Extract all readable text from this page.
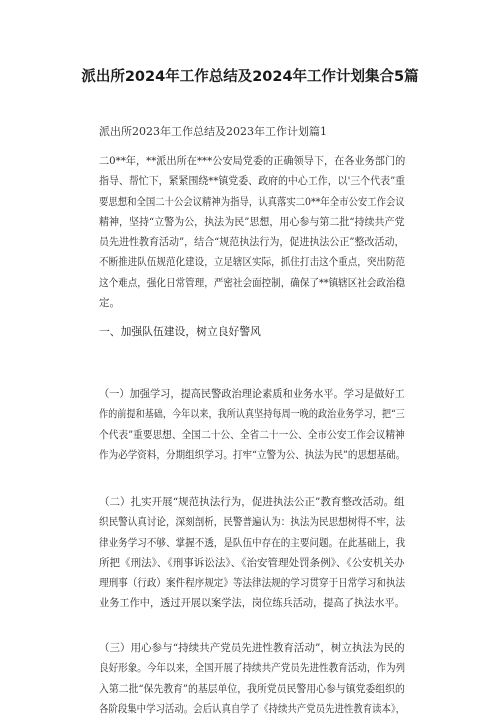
派出所2024年工作总结及2024年工作计划集合5篇
派出所2023年工作总结及2023年工作计划篇1
二0**年，**派出所在***公安局党委的正确领导下，在各业务部门的
指导、帮忙下，紧紧围绕**镇党委、政府的中心工作，以'三个代表”重
要思想和全国二十公会议精神为指导，认真落实二0**年全市公安工作会议
精神，坚持“立警为公，执法为民”思想，用心参与第二批“持续共产党
员先进性教育活动”，结合“规范执法行为，促进执法公正”整改活动，
不断推进队伍规范化建设，立足辖区实际，抓住打击这个重点，突出防范
这个难点，强化日常管理，严密社会面控制，确保了**镇辖区社会政治稳
定。
一、加强队伍建设，树立良好警风
（一）加强学习，提高民警政治理论素质和业务水平。学习是做好工
作的前提和基础，今年以来，我所认真坚持每周一晚的政治业务学习，把“三
个代表”重要思想、全国二十公、全省二十一公、全市公安工作会议精神
作为必学资料，分期组织学习。打牢“立警为公、执法为民”的思想基础。
（二）扎实开展“规范执法行为，促进执法公正”教育整改活动。组
织民警认真讨论，深刻剖析，民警普遍认为：执法为民思想树得不牢，法
律业务学习不够、掌握不透，是队伍中存在的主要问题。在此基础上，我
所把《刑法》、《刑事诉讼法》、《治安管理处罚条例》、《公安机关办
理刑事（行政）案件程序规定》等法律法规的学习贯穿于日常学习和执法
业务工作中，透过开展以案学法，岗位练兵活动，提高了执法水平。
（三）用心参与“持续共产党员先进性教育活动”，树立执法为民的
良好形象。今年以来，全国开展了持续共产党员先进性教育活动，作为列
入第二批“保先教育”的基层单位，我所党员民警用心参与镇党委组织的
各阶段集中学习活动。会后认真自学了《持续共产党员先进性教育读本》，
